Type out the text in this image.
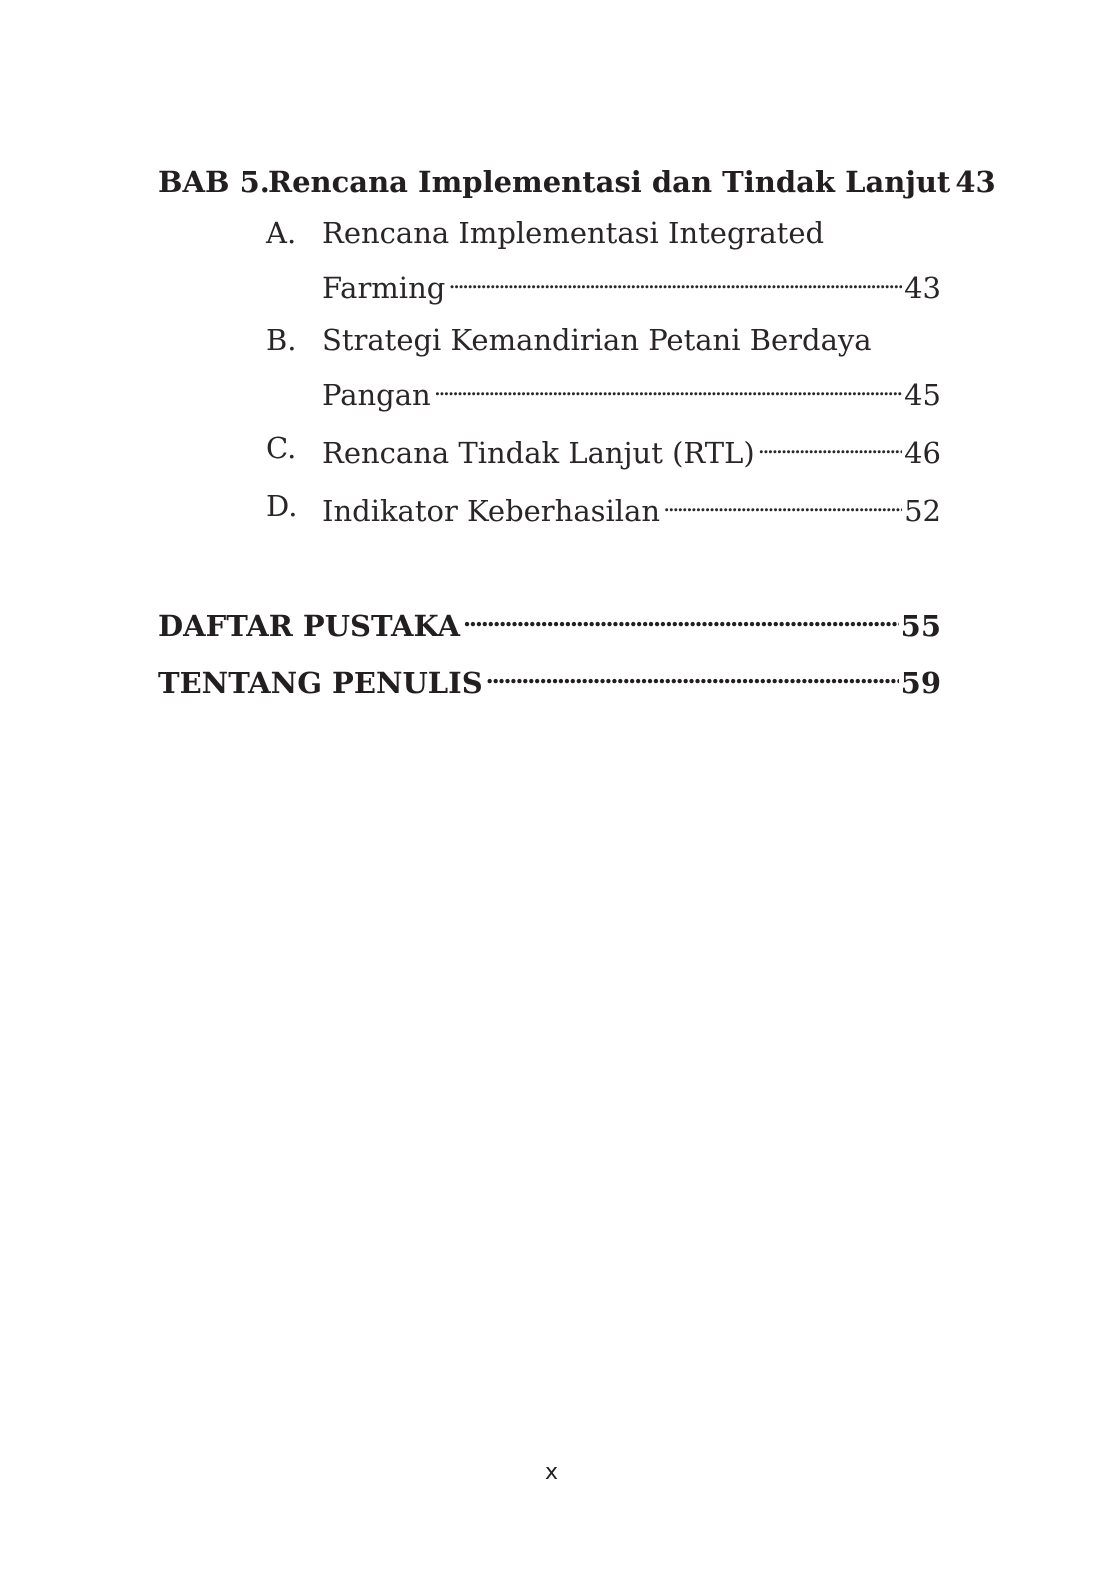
BAB 5.Rencana Implementasi dan Tindak Lanjut 43
A. Rencana Implementasi Integrated
Farming . . .	43
B. Strategi Kemandirian Petani Berdaya
Pangan . . .	45
C. Rencana Tindak Lanjut (RTL) . . .	46
D. Indikator Keberhasilan . . .	52
DAFTAR PUSTAKA . . .	55
TENTANG PENULIS . . .	59
x
